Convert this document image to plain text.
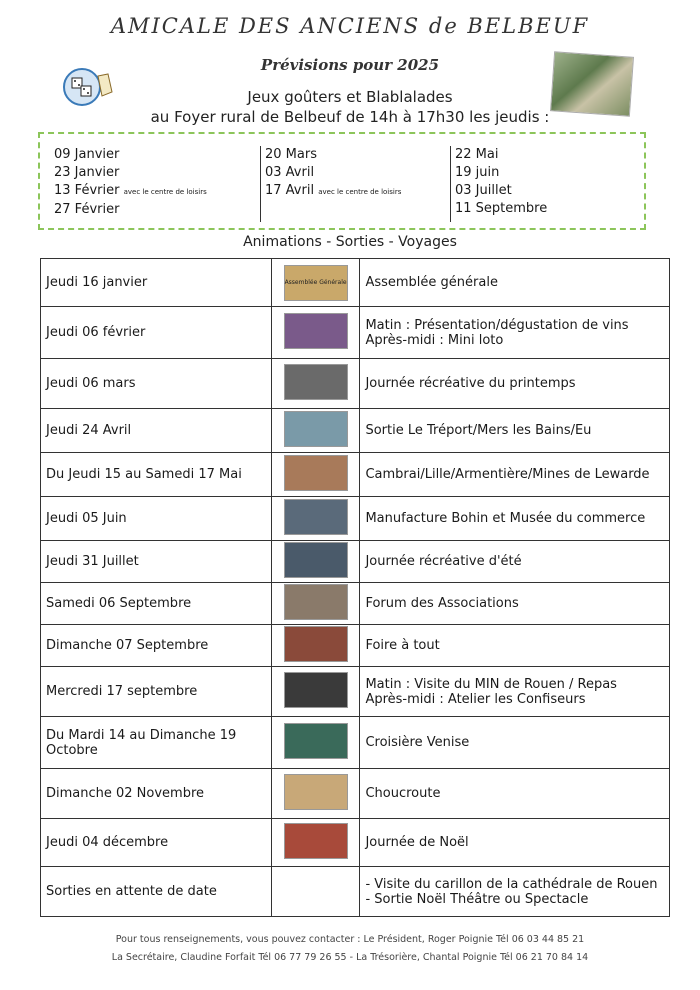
AMICALE DES ANCIENS de BELBEUF
Prévisions pour 2025
Jeux goûters et Blablalades
au Foyer rural de Belbeuf de 14h à 17h30 les jeudis :
09 Janvier
23 Janvier
13 Février avec le centre de loisirs
27 Février
20 Mars
03 Avril
17 Avril avec le centre de loisirs
22 Mai
19 juin
03 Juillet
11 Septembre
Animations - Sorties - Voyages
Jeudi 16 janvier	Assemblée Générale	Assemblée générale

Jeudi 06 février		Matin : Présentation/dégustation de vins
Après-midi : Mini loto

Jeudi 06 mars		Journée récréative du printemps

Jeudi 24 Avril		Sortie Le Tréport/Mers les Bains/Eu

Du Jeudi 15 au Samedi 17 Mai		Cambrai/Lille/Armentière/Mines de Lewarde

Jeudi 05 Juin		Manufacture Bohin et Musée du commerce

Jeudi 31 Juillet		Journée récréative d'été

Samedi 06 Septembre		Forum des Associations

Dimanche 07 Septembre		Foire à tout

Mercredi 17 septembre		Matin : Visite du MIN de Rouen / Repas
Après-midi : Atelier les Confiseurs

Du Mardi 14 au Dimanche 19 Octobre		Croisière Venise

Dimanche 02 Novembre		Choucroute

Jeudi 04 décembre		Journée de Noël

Sorties en attente de date		- Visite du carillon de la cathédrale de Rouen
- Sortie Noël Théâtre ou Spectacle
Pour tous renseignements, vous pouvez contacter : Le Président, Roger Poignie Tél 06 03 44 85 21
La Secrétaire, Claudine Forfait Tél 06 77 79 26 55 - La Trésorière, Chantal Poignie Tél 06 21 70 84 14
